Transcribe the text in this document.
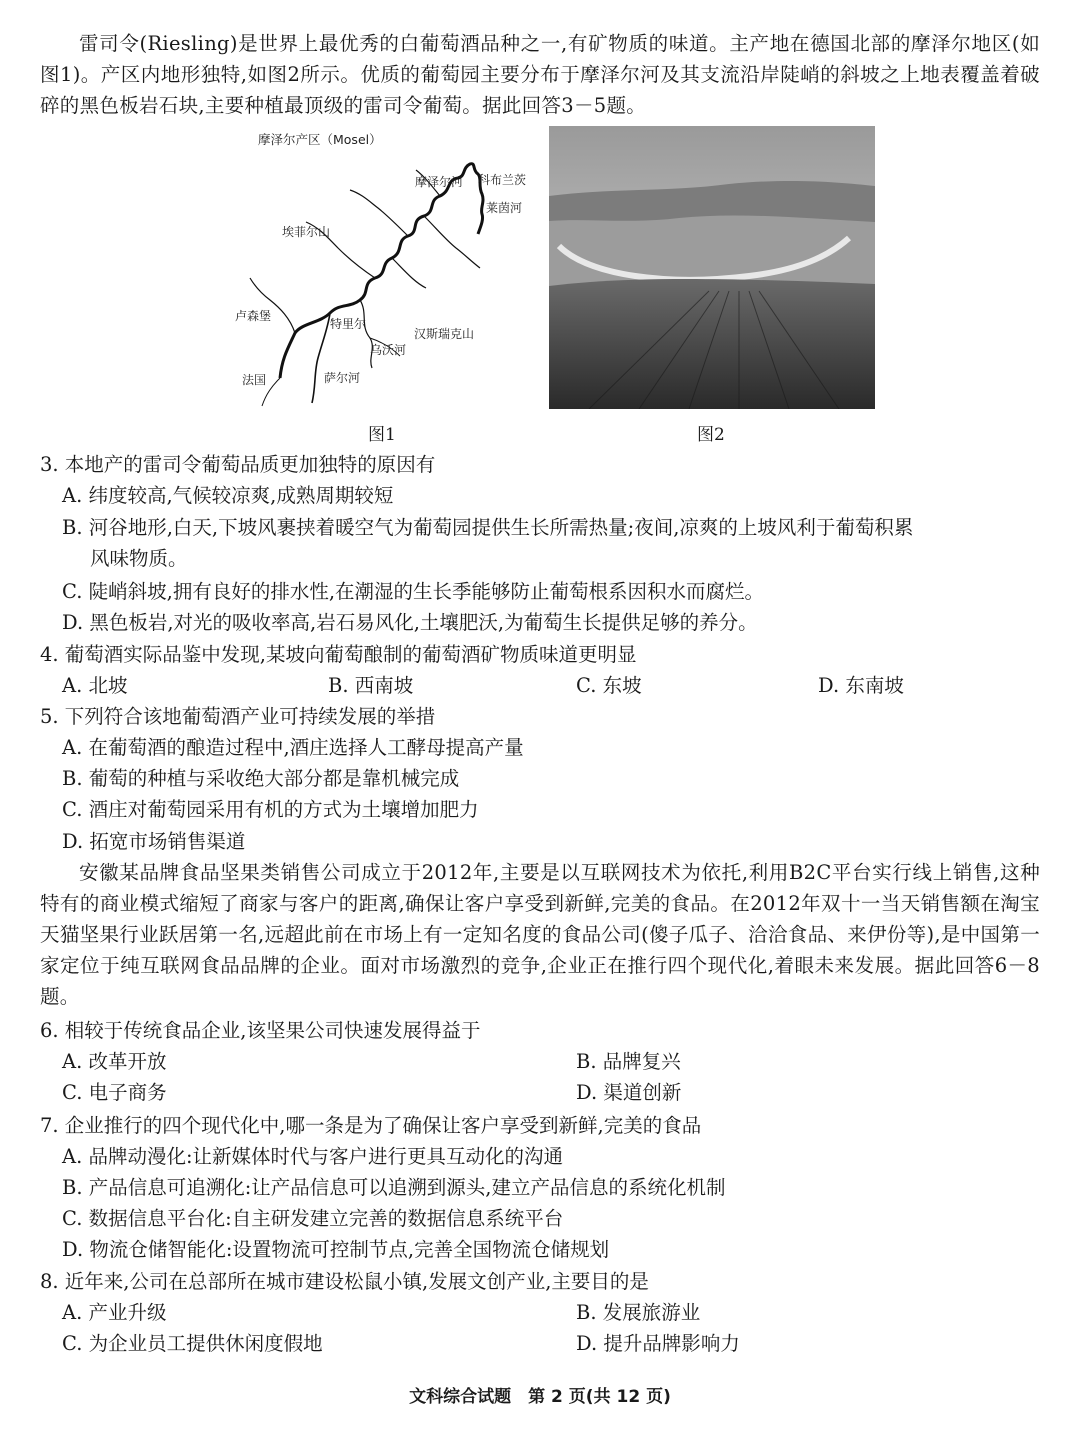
雷司令(Riesling)是世界上最优秀的白葡萄酒品种之一,有矿物质的味道。主产地在德国北部的摩泽尔地区(如图1)。产区内地形独特,如图2所示。优质的葡萄园主要分布于摩泽尔河及其支流沿岸陡峭的斜坡之上地表覆盖着破碎的黑色板岩石块,主要种植最顶级的雷司令葡萄。据此回答3－5题。
摩泽尔产区（Mosel）
摩泽尔河 科布兰茨
莱茵河
埃菲尔山
卢森堡
特里尔
汉斯瑞克山
乌沃河
法国	萨尔河
图1	图2
3. 本地产的雷司令葡萄品质更加独特的原因有
A. 纬度较高,气候较凉爽,成熟周期较短
B. 河谷地形,白天,下坡风裹挟着暖空气为葡萄园提供生长所需热量;夜间,凉爽的上坡风利于葡萄积累
风味物质。
C. 陡峭斜坡,拥有良好的排水性,在潮湿的生长季能够防止葡萄根系因积水而腐烂。
D. 黑色板岩,对光的吸收率高,岩石易风化,土壤肥沃,为葡萄生长提供足够的养分。
4. 葡萄酒实际品鉴中发现,某坡向葡萄酿制的葡萄酒矿物质味道更明显
A. 北坡	B. 西南坡	C. 东坡	D. 东南坡
5. 下列符合该地葡萄酒产业可持续发展的举措
A. 在葡萄酒的酿造过程中,酒庄选择人工酵母提高产量
B. 葡萄的种植与采收绝大部分都是靠机械完成
C. 酒庄对葡萄园采用有机的方式为土壤增加肥力
D. 拓宽市场销售渠道
安徽某品牌食品坚果类销售公司成立于2012年,主要是以互联网技术为依托,利用B2C平台实行线上销售,这种特有的商业模式缩短了商家与客户的距离,确保让客户享受到新鲜,完美的食品。在2012年双十一当天销售额在淘宝天猫坚果行业跃居第一名,远超此前在市场上有一定知名度的食品公司(傻子瓜子、洽洽食品、来伊份等),是中国第一家定位于纯互联网食品品牌的企业。面对市场激烈的竞争,企业正在推行四个现代化,着眼未来发展。据此回答6－8题。
6. 相较于传统食品企业,该坚果公司快速发展得益于
A. 改革开放	B. 品牌复兴
C. 电子商务	D. 渠道创新
7. 企业推行的四个现代化中,哪一条是为了确保让客户享受到新鲜,完美的食品
A. 品牌动漫化:让新媒体时代与客户进行更具互动化的沟通
B. 产品信息可追溯化:让产品信息可以追溯到源头,建立产品信息的系统化机制
C. 数据信息平台化:自主研发建立完善的数据信息系统平台
D. 物流仓储智能化:设置物流可控制节点,完善全国物流仓储规划
8. 近年来,公司在总部所在城市建设松鼠小镇,发展文创产业,主要目的是
A. 产业升级	B. 发展旅游业
C. 为企业员工提供休闲度假地	D. 提升品牌影响力
文科综合试题　第 2 页(共 12 页)
